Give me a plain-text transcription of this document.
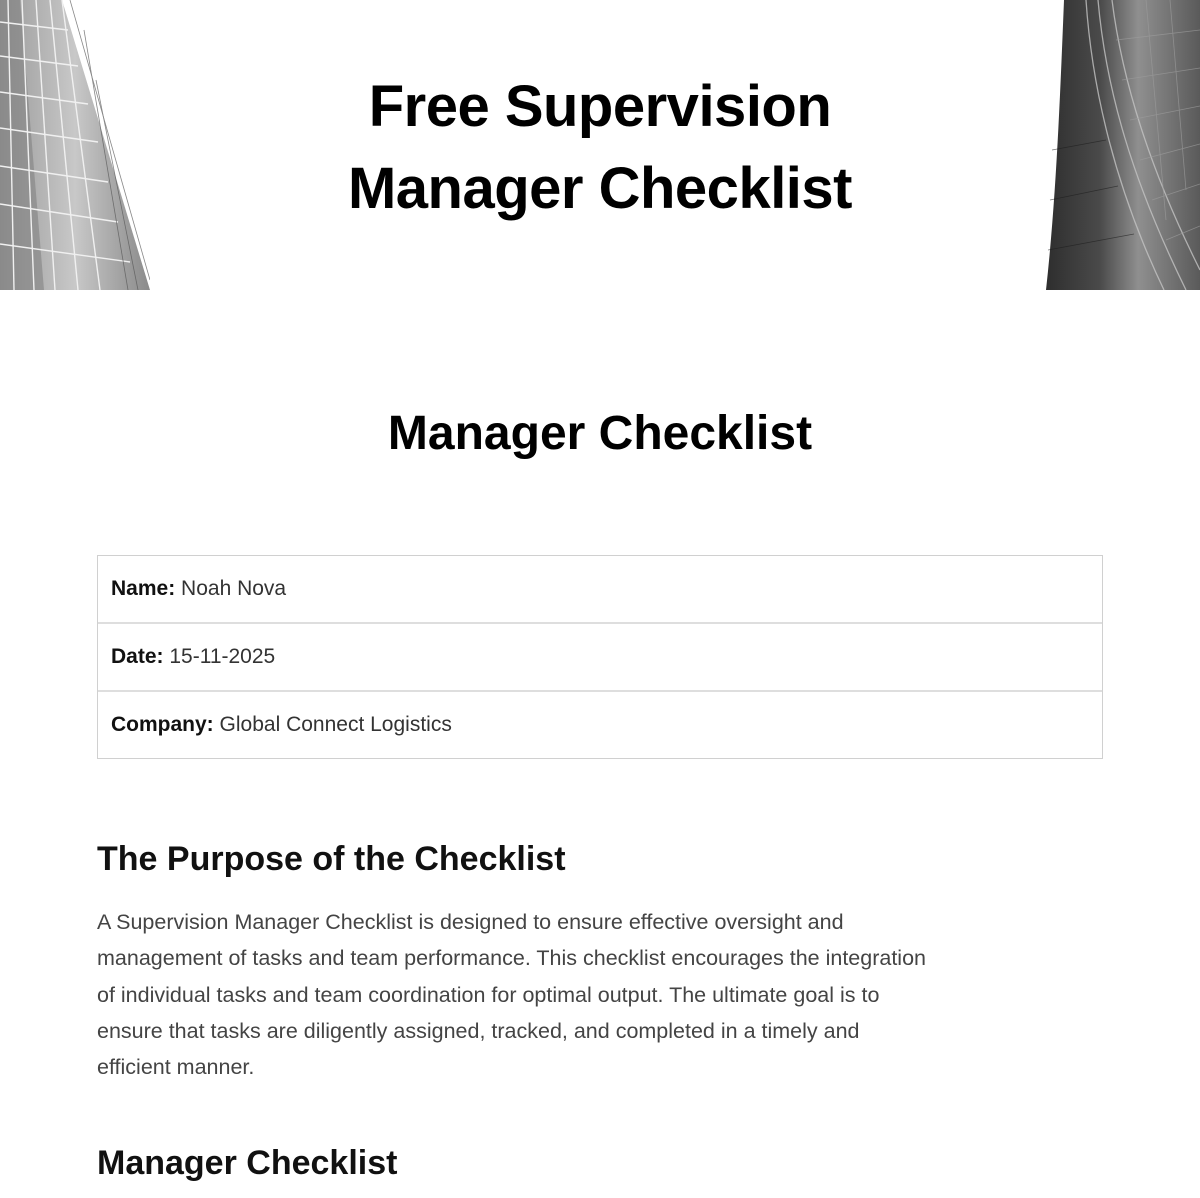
Free Supervision
Manager Checklist
Manager Checklist
Name: Noah Nova
Date: 15-11-2025
Company: Global Connect Logistics
The Purpose of the Checklist

A Supervision Manager Checklist is designed to ensure effective oversight and
management of tasks and team performance. This checklist encourages the integration
of individual tasks and team coordination for optimal output. The ultimate goal is to
ensure that tasks are diligently assigned, tracked, and completed in a timely and
efficient manner.

Manager Checklist
